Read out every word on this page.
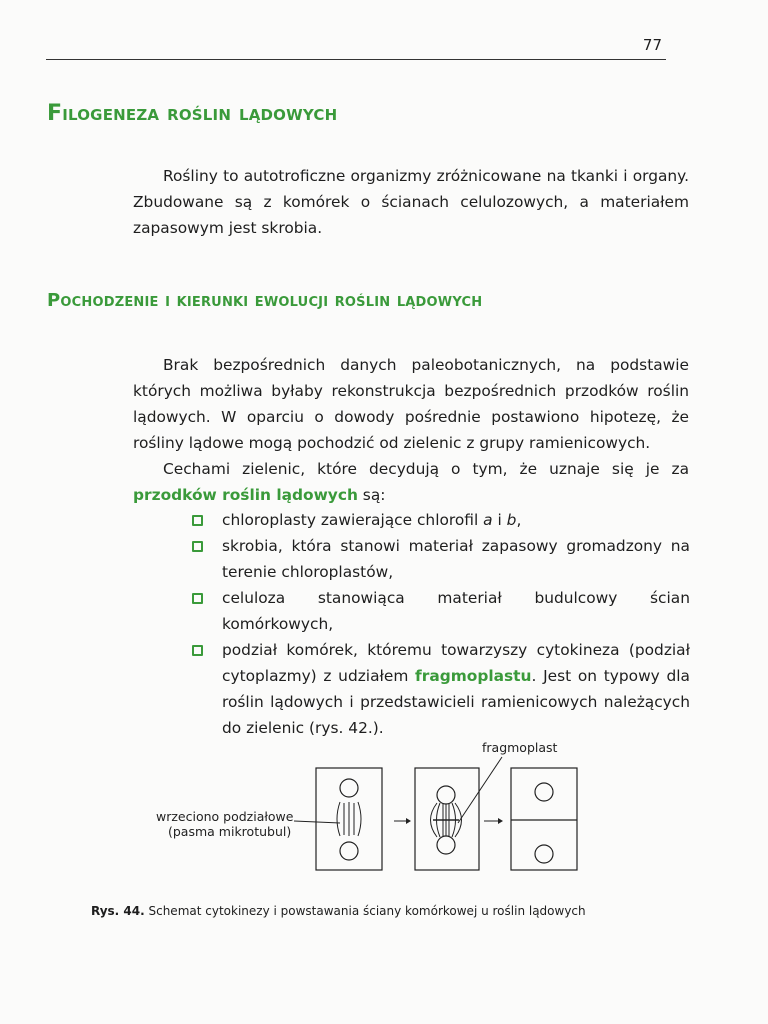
77
Filogeneza roślin lądowych

Rośliny to autotroficzne organizmy zróżnicowane na tkanki i organy. Zbudowane są z komórek o ścianach celulozowych, a materiałem zapasowym jest skrobia.

Pochodzenie i kierunki ewolucji roślin lądowych

Brak bezpośrednich danych paleobotanicznych, na podstawie których możliwa byłaby rekonstrukcja bezpośrednich przodków roślin lądowych. W oparciu o dowody pośrednie postawiono hipotezę, że rośliny lądowe mogą pochodzić od zielenic z grupy ramienicowych.

Cechami zielenic, które decydują o tym, że uznaje się je za przodków roślin lądowych są:

chloroplasty zawierające chlorofil a i b,
skrobia, która stanowi materiał zapasowy gromadzony na terenie chloroplastów,
celuloza stanowiąca materiał budulcowy ścian komórkowych,
podział komórek, któremu towarzyszy cytokineza (podział cytoplazmy) z udziałem fragmoplastu. Jest on typowy dla roślin lądowych i przedstawicieli ramienicowych należących do zielenic (rys. 42.).
fragmoplast
wrzeciono podziałowe
(pasma mikrotubul)
Rys. 44. Schemat cytokinezy i powstawania ściany komórkowej u roślin lądowych
